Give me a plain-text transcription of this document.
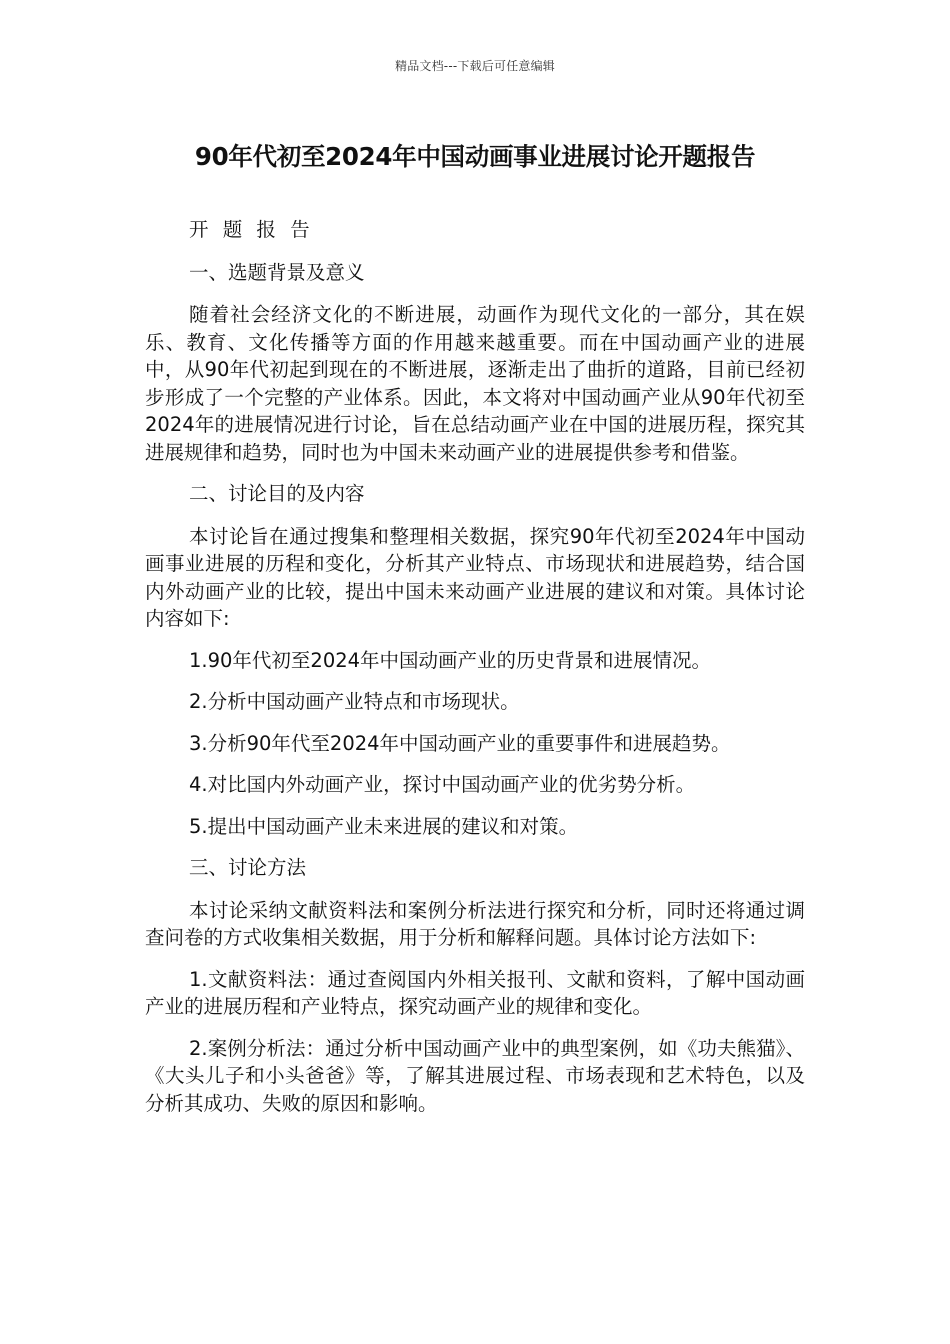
精品文档---下载后可任意编辑
90年代初至2024年中国动画事业进展讨论开题报告

开 题 报 告

一、选题背景及意义

随着社会经济文化的不断进展，动画作为现代文化的一部分，其在娱乐、教育、文化传播等方面的作用越来越重要。而在中国动画产业的进展中，从90年代初起到现在的不断进展，逐渐走出了曲折的道路，目前已经初步形成了一个完整的产业体系。因此，本文将对中国动画产业从90年代初至2024年的进展情况进行讨论，旨在总结动画产业在中国的进展历程，探究其进展规律和趋势，同时也为中国未来动画产业的进展提供参考和借鉴。

二、讨论目的及内容

本讨论旨在通过搜集和整理相关数据，探究90年代初至2024年中国动画事业进展的历程和变化，分析其产业特点、市场现状和进展趋势，结合国内外动画产业的比较，提出中国未来动画产业进展的建议和对策。具体讨论内容如下:

1.90年代初至2024年中国动画产业的历史背景和进展情况。

2.分析中国动画产业特点和市场现状。

3.分析90年代至2024年中国动画产业的重要事件和进展趋势。

4.对比国内外动画产业，探讨中国动画产业的优劣势分析。

5.提出中国动画产业未来进展的建议和对策。

三、讨论方法

本讨论采纳文献资料法和案例分析法进行探究和分析，同时还将通过调查问卷的方式收集相关数据，用于分析和解释问题。具体讨论方法如下:

1.文献资料法：通过查阅国内外相关报刊、文献和资料，了解中国动画产业的进展历程和产业特点，探究动画产业的规律和变化。

2.案例分析法：通过分析中国动画产业中的典型案例，如《功夫熊猫》、《大头儿子和小头爸爸》等，了解其进展过程、市场表现和艺术特色，以及分析其成功、失败的原因和影响。
